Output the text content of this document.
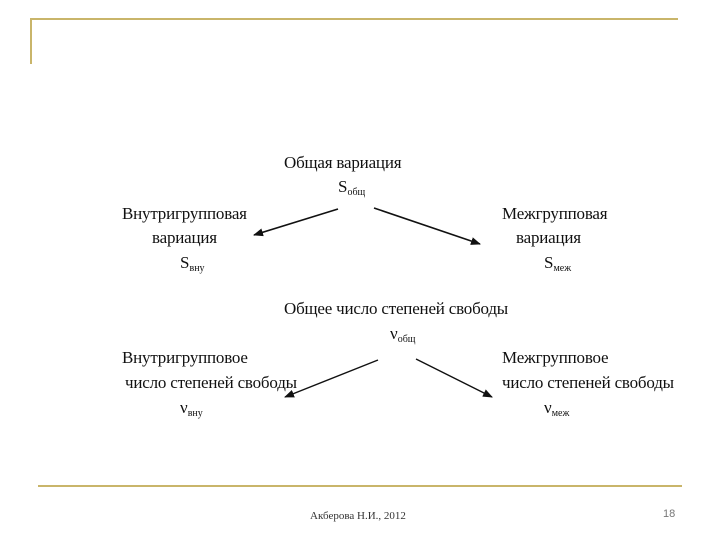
Общая вариация
$S_{общ}$
Внутригрупповая
вариация
$S_{вну}$
Межгрупповая
вариация
$S_{меж}$
Общее число степеней свободы
$\nu_{общ}$
Внутригрупповое
число степеней свободы
$\nu_{вну}$
Межгрупповое
число степеней свободы
$\nu_{меж}$
Акберова Н.И., 2012	18
